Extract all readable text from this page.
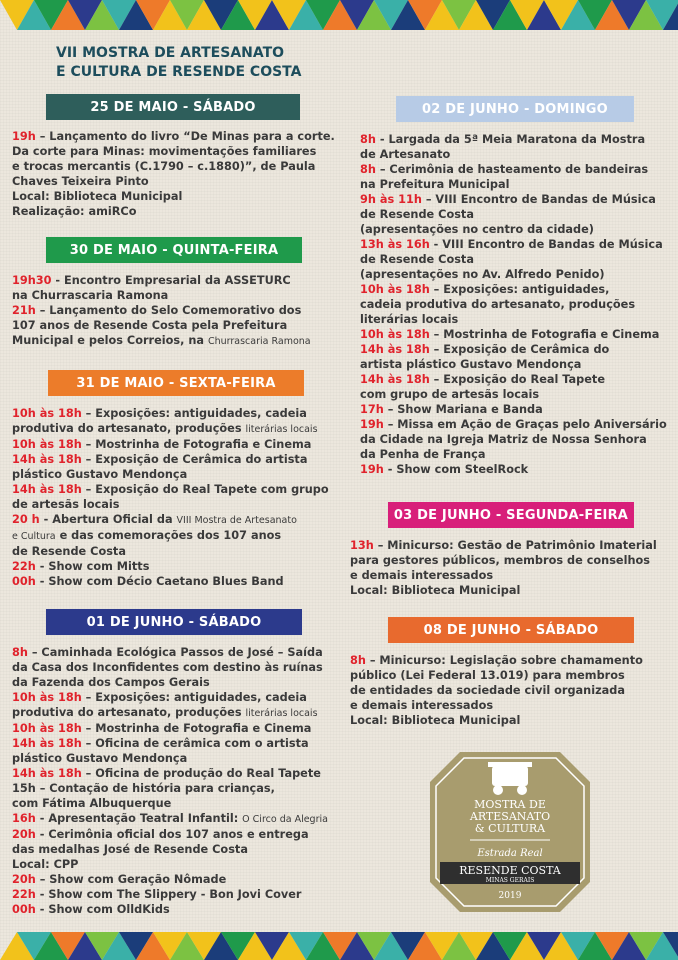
VII MOSTRA DE ARTESANATO
E CULTURA DE RESENDE COSTA
25 DE MAIO - SÁBADO
19h – Lançamento do livro “De Minas para a corte.
Da corte para Minas: movimentações familiares
e trocas mercantis (C.1790 – c.1880)”, de Paula
Chaves Teixeira Pinto
Local: Biblioteca Municipal
Realização: amiRCo
30 DE MAIO - QUINTA-FEIRA
19h30 - Encontro Empresarial da ASSETURC
na Churrascaria Ramona
21h – Lançamento do Selo Comemorativo dos
107 anos de Resende Costa pela Prefeitura
Municipal e pelos Correios, na Churrascaria Ramona
31 DE MAIO - SEXTA-FEIRA
10h às 18h – Exposições: antiguidades, cadeia
produtiva do artesanato, produções literárias locais
10h às 18h – Mostrinha de Fotografia e Cinema
14h às 18h – Exposição de Cerâmica do artista
plástico Gustavo Mendonça
14h às 18h – Exposição do Real Tapete com grupo
de artesãs locais
20 h - Abertura Oficial da VIII Mostra de Artesanato
e Cultura e das comemorações dos 107 anos
de Resende Costa
22h - Show com Mitts
00h - Show com Décio Caetano Blues Band
01 DE JUNHO - SÁBADO
8h – Caminhada Ecológica Passos de José – Saída
da Casa dos Inconfidentes com destino às ruínas
da Fazenda dos Campos Gerais
10h às 18h – Exposições: antiguidades, cadeia
produtiva do artesanato, produções literárias locais
10h às 18h – Mostrinha de Fotografia e Cinema
14h às 18h – Oficina de cerâmica com o artista
plástico Gustavo Mendonça
14h às 18h – Oficina de produção do Real Tapete
15h – Contação de história para crianças,
com Fátima Albuquerque
16h - Apresentação Teatral Infantil: O Circo da Alegria
20h - Cerimônia oficial dos 107 anos e entrega
das medalhas José de Resende Costa
Local: CPP
20h – Show com Geração Nômade
22h - Show com The Slippery - Bon Jovi Cover
00h - Show com OlldKids
02 DE JUNHO - DOMINGO
8h - Largada da 5ª Meia Maratona da Mostra
de Artesanato
8h – Cerimônia de hasteamento de bandeiras
na Prefeitura Municipal
9h às 11h – VIII Encontro de Bandas de Música
de Resende Costa
(apresentações no centro da cidade)
13h às 16h - VIII Encontro de Bandas de Música
de Resende Costa
(apresentações no Av. Alfredo Penido)
10h às 18h – Exposições: antiguidades,
cadeia produtiva do artesanato, produções
literárias locais
10h às 18h – Mostrinha de Fotografia e Cinema
14h às 18h – Exposição de Cerâmica do
artista plástico Gustavo Mendonça
14h às 18h – Exposição do Real Tapete
com grupo de artesãs locais
17h – Show Mariana e Banda
19h – Missa em Ação de Graças pelo Aniversário
da Cidade na Igreja Matriz de Nossa Senhora
da Penha de França
19h - Show com SteelRock
03 DE JUNHO - SEGUNDA-FEIRA
13h – Minicurso: Gestão de Patrimônio Imaterial
para gestores públicos, membros de conselhos
e demais interessados
Local: Biblioteca Municipal
08 DE JUNHO - SÁBADO
8h – Minicurso: Legislação sobre chamamento
público (Lei Federal 13.019) para membros
de entidades da sociedade civil organizada
e demais interessados
Local: Biblioteca Municipal
MOSTRA DE
ARTESANATO
& CULTURA
Estrada Real
RESENDE COSTA
MINAS GERAIS
2019
